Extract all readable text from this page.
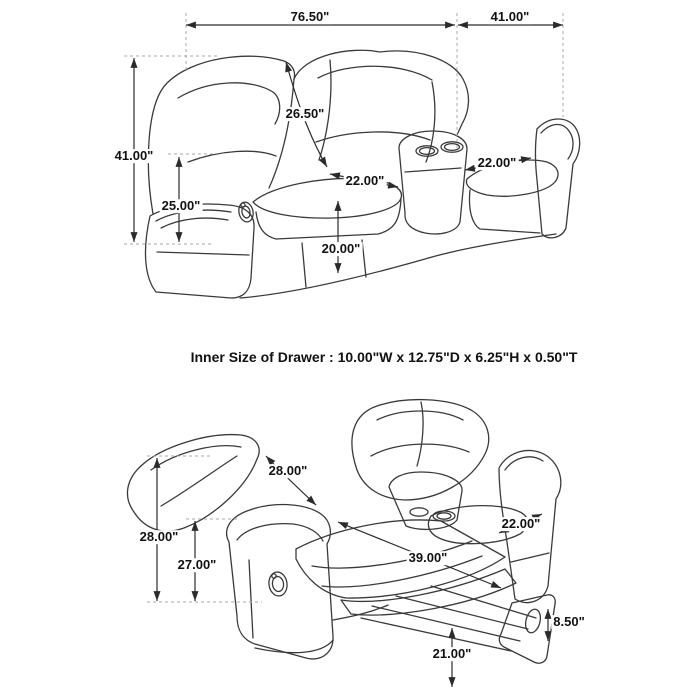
76.50"	41.00"
41.00"
26.50"
22.00"
22.00"
25.00"
20.00"
Inner Size of Drawer : 10.00"W x 12.75"D x 6.25"H x 0.50"T
28.00"
28.00"
27.00"
22.00"
39.00"
8.50"
21.00"
